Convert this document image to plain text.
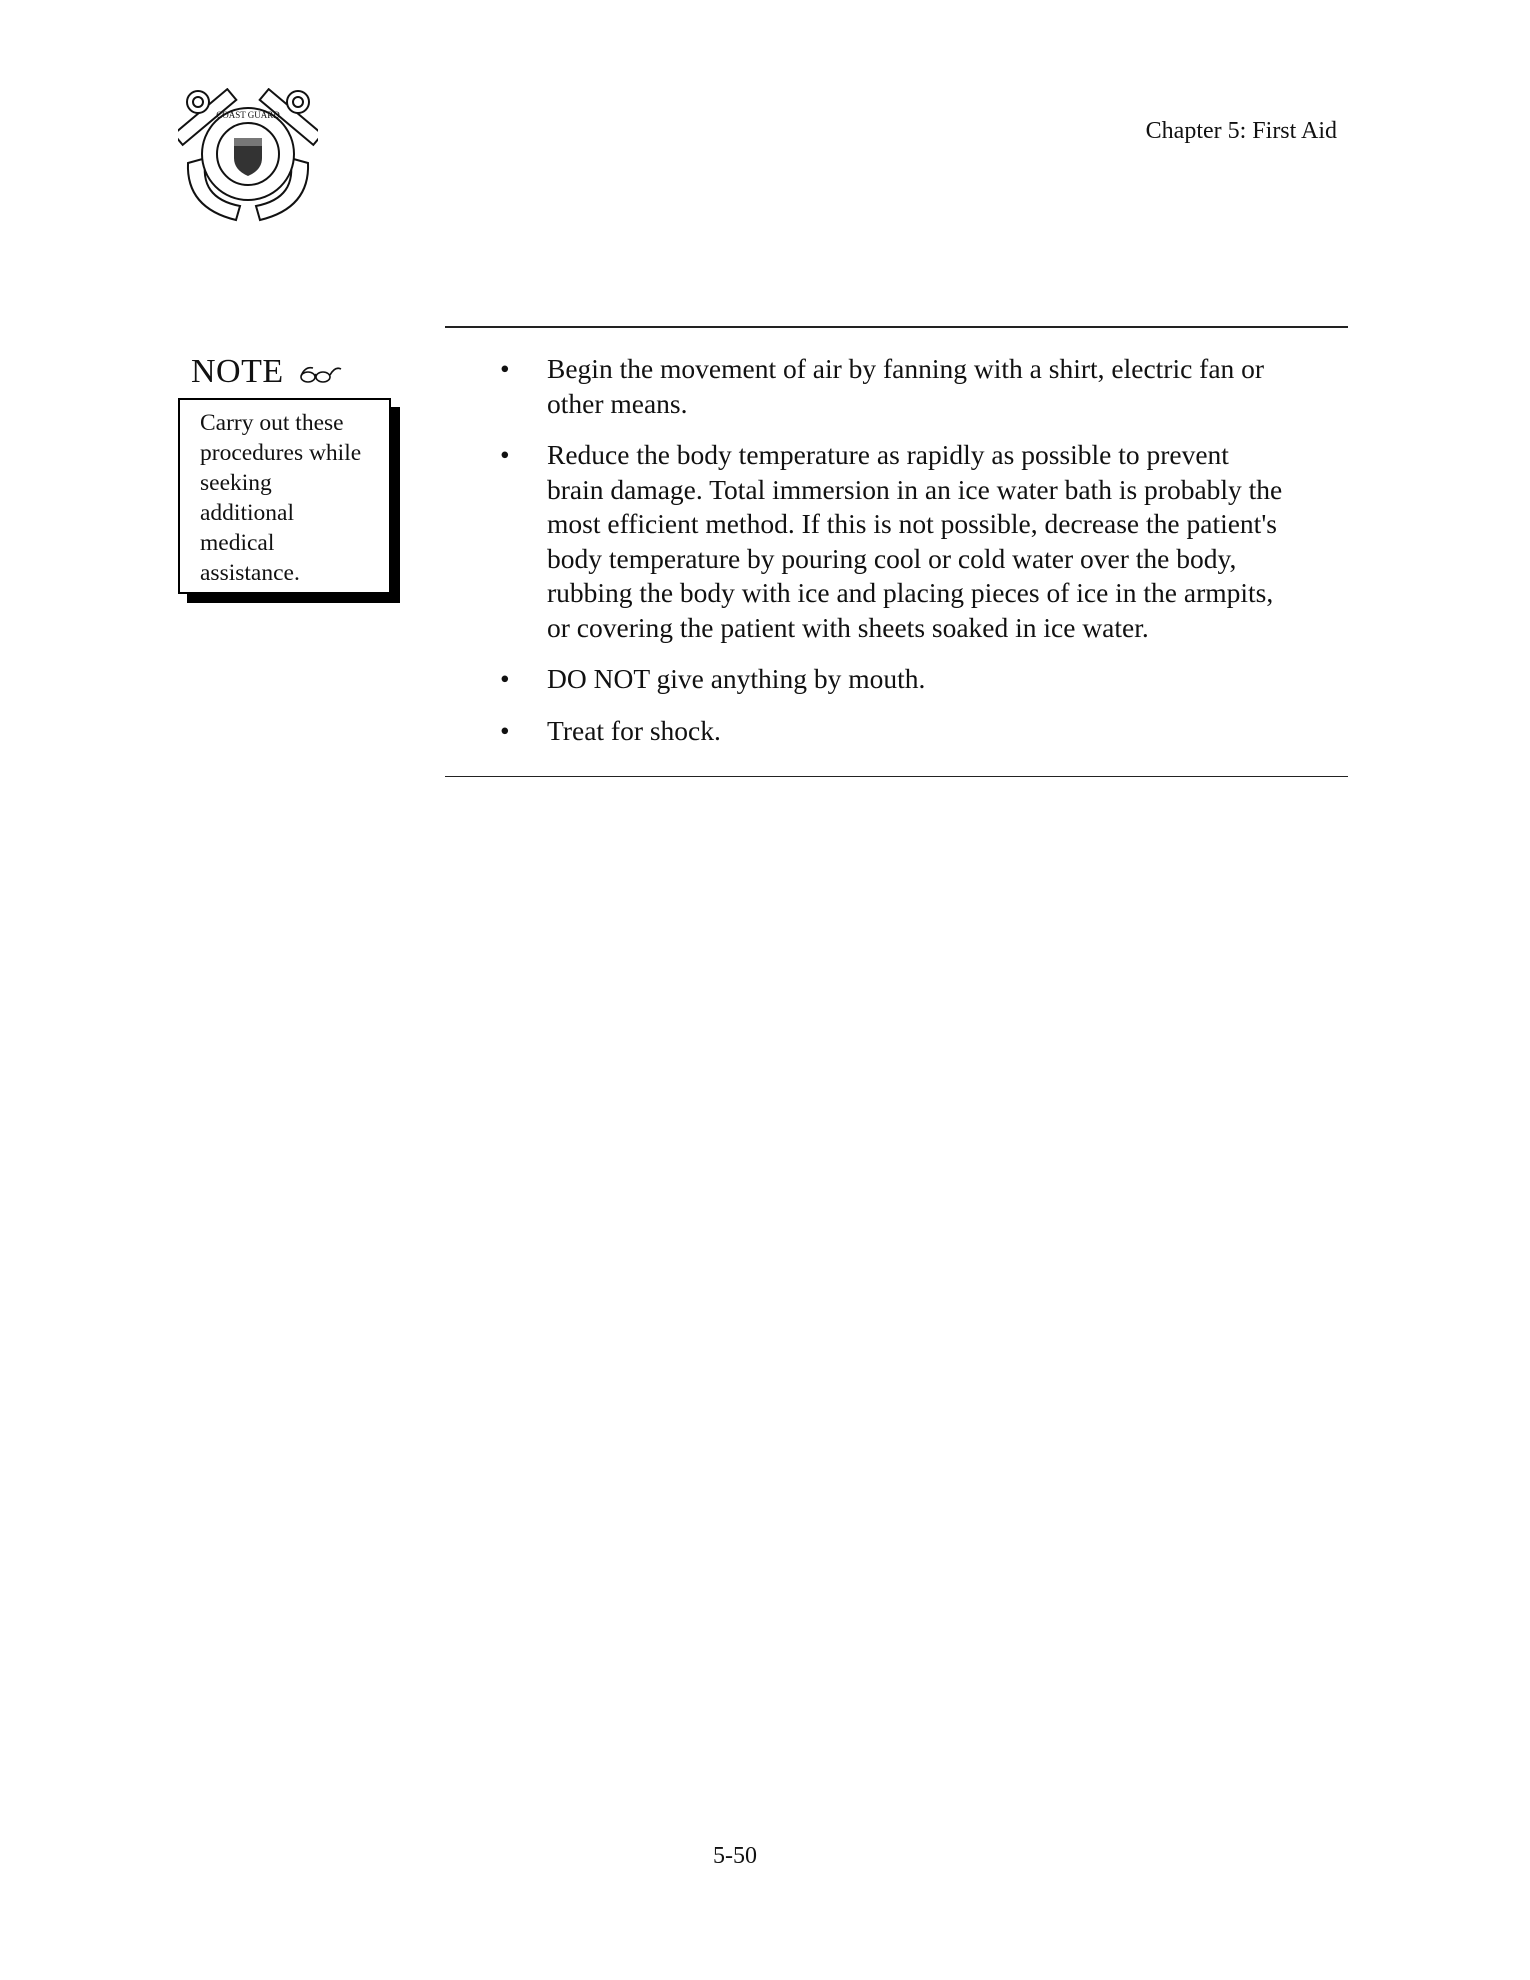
COAST GUARD
Chapter 5: First Aid
NOTE
Carry out these
procedures while
seeking
additional
medical
assistance.
• Begin the movement of air by fanning with a shirt, electric fan or
other means.
• Reduce the body temperature as rapidly as possible to prevent
brain damage. Total immersion in an ice water bath is probably the
most efficient method. If this is not possible, decrease the patient's
body temperature by pouring cool or cold water over the body,
rubbing the body with ice and placing pieces of ice in the armpits,
or covering the patient with sheets soaked in ice water.
• DO NOT give anything by mouth.
• Treat for shock.
5-50
